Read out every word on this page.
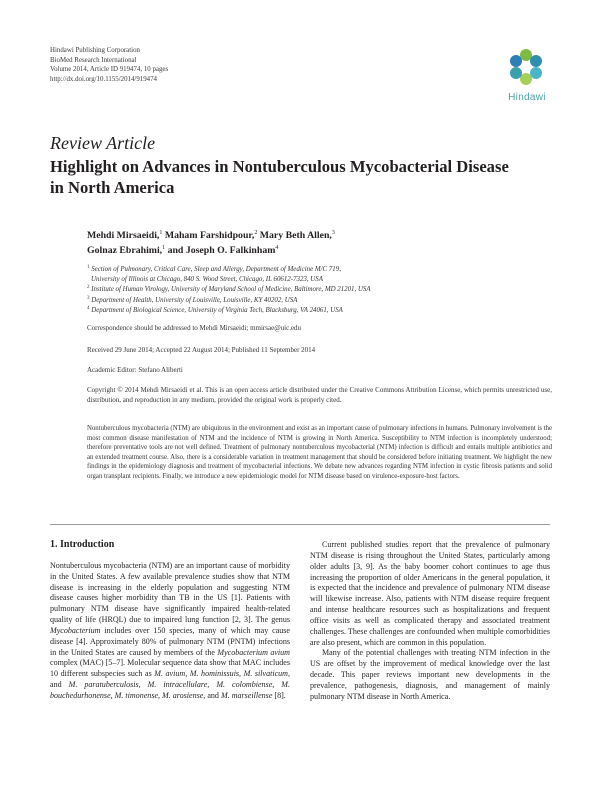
Hindawi Publishing Corporation
BioMed Research International
Volume 2014, Article ID 919474, 10 pages
http://dx.doi.org/10.1155/2014/919474
Hindawi
Review Article
Highlight on Advances in Nontuberculous Mycobacterial Disease
in North America
Mehdi Mirsaeidi,$^1$ Maham Farshidpour,$^2$ Mary Beth Allen,$^3$
Golnaz Ebrahimi,$^1$ and Joseph O. Falkinham$^4$
$^1$ Section of Pulmonary, Critical Care, Sleep and Allergy, Department of Medicine M/C 719,
University of Illinois at Chicago, 840 S. Wood Street, Chicago, IL 60612-7323, USA
$^2$ Institute of Human Virology, University of Maryland School of Medicine, Baltimore, MD 21201, USA
$^3$ Department of Health, University of Louisville, Louisville, KY 40202, USA
$^4$ Department of Biological Science, University of Virginia Tech, Blacksburg, VA 24061, USA
Correspondence should be addressed to Mehdi Mirsaeidi; mmirsae@uic.edu
Received 29 June 2014; Accepted 22 August 2014; Published 11 September 2014
Academic Editor: Stefano Aliberti
Copyright © 2014 Mehdi Mirsaeidi et al. This is an open access article distributed under the Creative Commons Attribution License, which permits unrestricted use, distribution, and reproduction in any medium, provided the original work is properly cited.
Nontuberculous mycobacteria (NTM) are ubiquitous in the environment and exist as an important cause of pulmonary infections in humans. Pulmonary involvement is the most common disease manifestation of NTM and the incidence of NTM is growing in North America. Susceptibility to NTM infection is incompletely understood; therefore preventative tools are not well defined. Treatment of pulmonary nontuberculous mycobacterial (NTM) infection is difficult and entails multiple antibiotics and an extended treatment course. Also, there is a considerable variation in treatment management that should be considered before initiating treatment. We highlight the new findings in the epidemiology diagnosis and treatment of mycobacterial infections. We debate new advances regarding NTM infection in cystic fibrosis patients and solid organ transplant recipients. Finally, we introduce a new epidemiologic model for NTM disease based on virulence-exposure-host factors.

1. Introduction

Nontuberculous mycobacteria (NTM) are an important cause of morbidity in the United States. A few available prevalence studies show that NTM disease is increasing in the elderly population and suggesting NTM disease causes higher morbidity than TB in the US [1]. Patients with pulmonary NTM disease have significantly impaired health-related quality of life (HRQL) due to impaired lung function [2, 3]. The genus Mycobacterium includes over 150 species, many of which may cause disease [4]. Approximately 80% of pulmonary NTM (PNTM) infections in the United States are caused by members of the Mycobacterium avium complex (MAC) [5–7]. Molecular sequence data show that MAC includes 10 different subspecies such as M. avium, M. hominissuis, M. silvaticum, and M. paratuberculosis, M. intracellulare, M. colombiense, M. bouchedurhonense, M. timonense, M. arosiense, and M. marseillense [8].

Current published studies report that the prevalence of pulmonary NTM disease is rising throughout the United States, particularly among older adults [3, 9]. As the baby boomer cohort continues to age thus increasing the proportion of older Americans in the general population, it is expected that the incidence and prevalence of pulmonary NTM disease will likewise increase. Also, patients with NTM disease require frequent and intense healthcare resources such as hospitalizations and frequent office visits as well as complicated therapy and associated treatment challenges. These challenges are confounded when multiple comorbidities are also present, which are common in this population.

Many of the potential challenges with treating NTM infection in the US are offset by the improvement of medical knowledge over the last decade. This paper reviews important new developments in the prevalence, pathogenesis, diagnosis, and management of mainly pulmonary NTM disease in North America.
